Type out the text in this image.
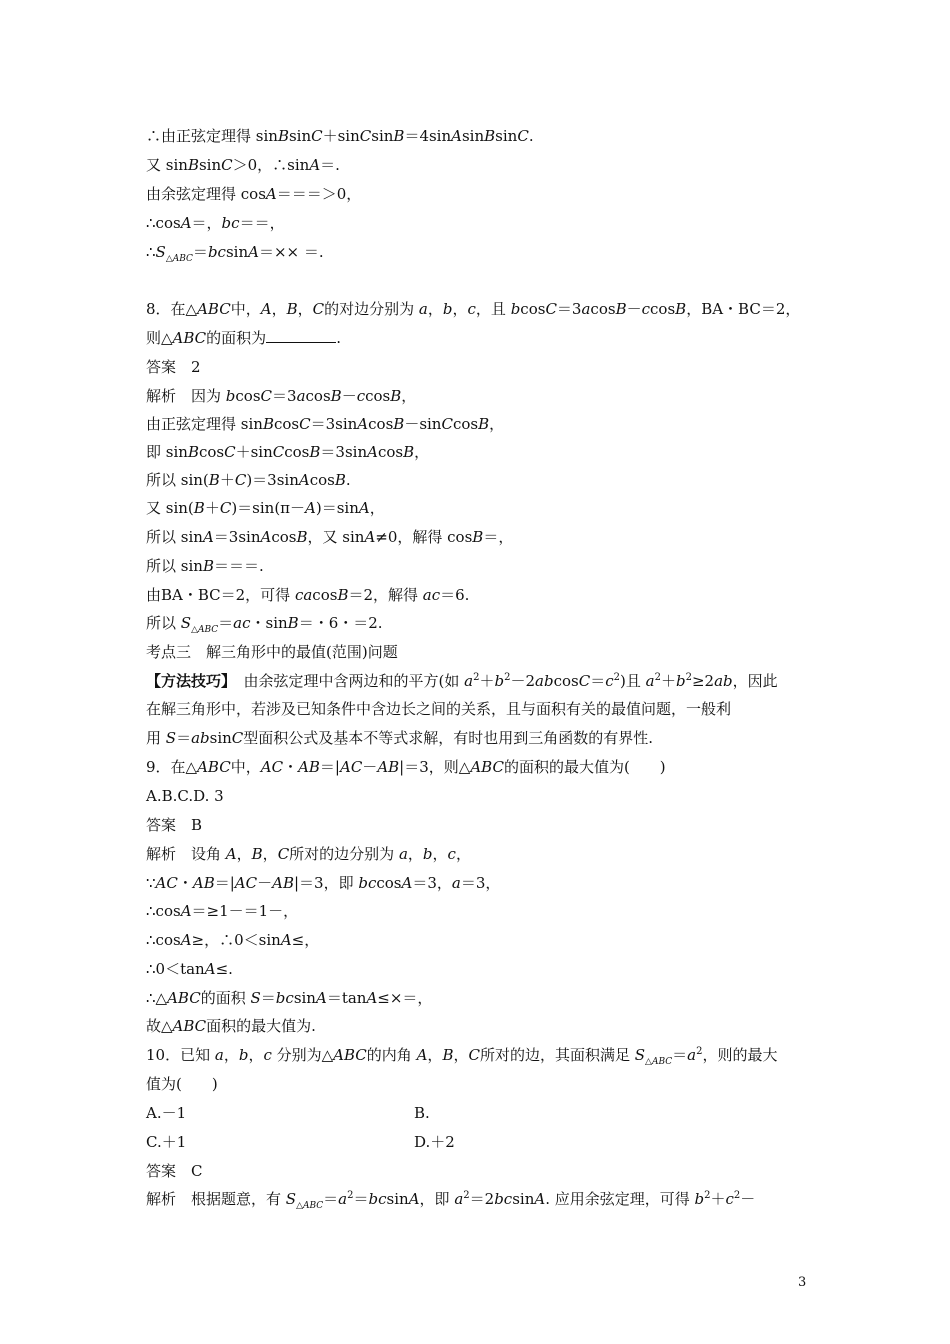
∴由正弦定理得 sinBsinC＋sinCsinB＝4sinAsinBsinC.
又 sinBsinC＞0，∴sinA＝.
由余弦定理得 cosA＝＝＝＞0，
∴cosA＝，bc＝＝，
$\therefore S_{\triangle ABC}=bcsinA=\times\times$ ＝.
8．在△ABC中，A，B，C的对边分别为 a，b，c，且 bcosC＝3acosB－ccosB，BA・BC＝2，
则△ABC的面积为	.
答案　2
解析　因为 bcosC＝3acosB－ccosB，
由正弦定理得 sinBcosC＝3sinAcosB－sinCcosB，
即 sinBcosC＋sinCcosB＝3sinAcosB，
所以 sin(B＋C)＝3sinAcosB.
又 sin(B＋C)＝sin(π－A)＝sinA，
所以 sinA＝3sinAcosB，又 sinA≠0，解得 cosB＝，
所以 sinB＝＝＝.
由BA・BC＝2，可得 cacosB＝2，解得 ac＝6.
所以 $S_{\triangle ABC}=ac$・sinB＝・6・＝2.
考点三　解三角形中的最值(范围)问题
【方法技巧】　由余弦定理中含两边和的平方(如 $a^2+b^2-2abcosC=c^2$)且 $a^2+b^2\ge 2ab$，因此
在解三角形中，若涉及已知条件中含边长之间的关系，且与面积有关的最值问题，一般利
用 S＝absinC型面积公式及基本不等式求解，有时也用到三角函数的有界性.
9．在△ABC中，AC・AB＝|AC－AB|＝3，则△ABC的面积的最大值为(　　)
A.B.C.D. 3
答案　B
解析　设角 A，B，C所对的边分别为 a，b，c，
∵AC・AB＝|AC－AB|＝3，即 bccosA＝3，a＝3，
∴cosA＝≥1－＝1－，
∴cosA≥，∴0＜sinA≤，
∴0＜tanA≤.
∴△ABC的面积 S＝bcsinA＝tanA≤×＝，
故△ABC面积的最大值为.
10．已知 a，b，c 分别为△ABC的内角 A，B，C所对的边，其面积满足 $S_{\triangle ABC}=a^2$，则的最大
值为(　　)
A.－1	B.
C.＋1	D.＋2
答案　C
解析　根据题意，有 $S_{\triangle ABC}=a^2=bcsinA$，即 $a^2=2bcsinA$. 应用余弦定理，可得 $b^2+c^2-$
3
